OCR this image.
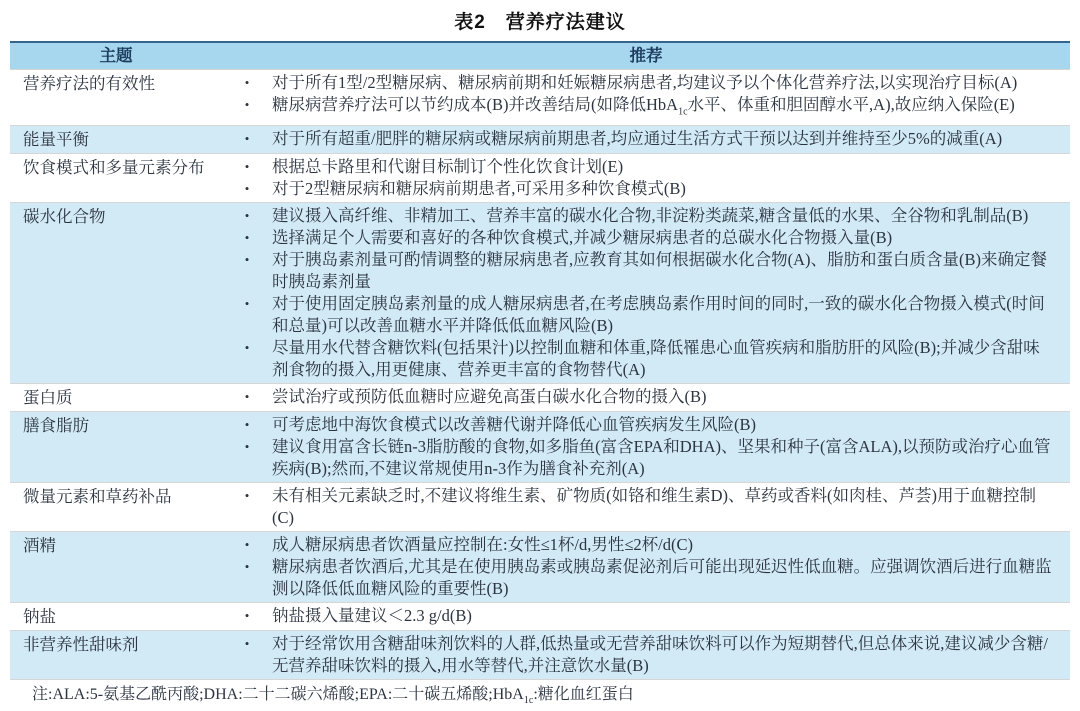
表2　营养疗法建议
主题	推荐
营养疗法的有效性	•	对于所有1型/2型糖尿病、糖尿病前期和妊娠糖尿病患者,均建议予以个体化营养疗法,以实现治疗目标(A)
•	糖尿病营养疗法可以节约成本(B)并改善结局(如降低HbA$_{1c}$水平、体重和胆固醇水平,A),故应纳入保险(E)
能量平衡	•	对于所有超重/肥胖的糖尿病或糖尿病前期患者,均应通过生活方式干预以达到并维持至少5%的减重(A)
饮食模式和多量元素分布	•	根据总卡路里和代谢目标制订个性化饮食计划(E)
•	对于2型糖尿病和糖尿病前期患者,可采用多种饮食模式(B)
碳水化合物	•	建议摄入高纤维、非精加工、营养丰富的碳水化合物,非淀粉类蔬菜,糖含量低的水果、全谷物和乳制品(B)
•	选择满足个人需要和喜好的各种饮食模式,并减少糖尿病患者的总碳水化合物摄入量(B)
•	对于胰岛素剂量可酌情调整的糖尿病患者,应教育其如何根据碳水化合物(A)、脂肪和蛋白质含量(B)来确定餐时胰岛素剂量
•	对于使用固定胰岛素剂量的成人糖尿病患者,在考虑胰岛素作用时间的同时,一致的碳水化合物摄入模式(时间和总量)可以改善血糖水平并降低低血糖风险(B)
•	尽量用水代替含糖饮料(包括果汁)以控制血糖和体重,降低罹患心血管疾病和脂肪肝的风险(B);并减少含甜味剂食物的摄入,用更健康、营养更丰富的食物替代(A)
蛋白质	•	尝试治疗或预防低血糖时应避免高蛋白碳水化合物的摄入(B)
膳食脂肪	•	可考虑地中海饮食模式以改善糖代谢并降低心血管疾病发生风险(B)
•	建议食用富含长链n-3脂肪酸的食物,如多脂鱼(富含EPA和DHA)、坚果和种子(富含ALA),以预防或治疗心血管疾病(B);然而,不建议常规使用n-3作为膳食补充剂(A)
微量元素和草药补品	•	未有相关元素缺乏时,不建议将维生素、矿物质(如铬和维生素D)、草药或香料(如肉桂、芦荟)用于血糖控制(C)
酒精	•	成人糖尿病患者饮酒量应控制在:女性≤1杯/d,男性≤2杯/d(C)
•	糖尿病患者饮酒后,尤其是在使用胰岛素或胰岛素促泌剂后可能出现延迟性低血糖。应强调饮酒后进行血糖监测以降低低血糖风险的重要性(B)
钠盐	•	钠盐摄入量建议＜2.3 g/d(B)
非营养性甜味剂	•	对于经常饮用含糖甜味剂饮料的人群,低热量或无营养甜味饮料可以作为短期替代,但总体来说,建议减少含糖/无营养甜味饮料的摄入,用水等替代,并注意饮水量(B)
注:ALA:5-氨基乙酰丙酸;DHA:二十二碳六烯酸;EPA:二十碳五烯酸;HbA$_{1c}$:糖化血红蛋白
